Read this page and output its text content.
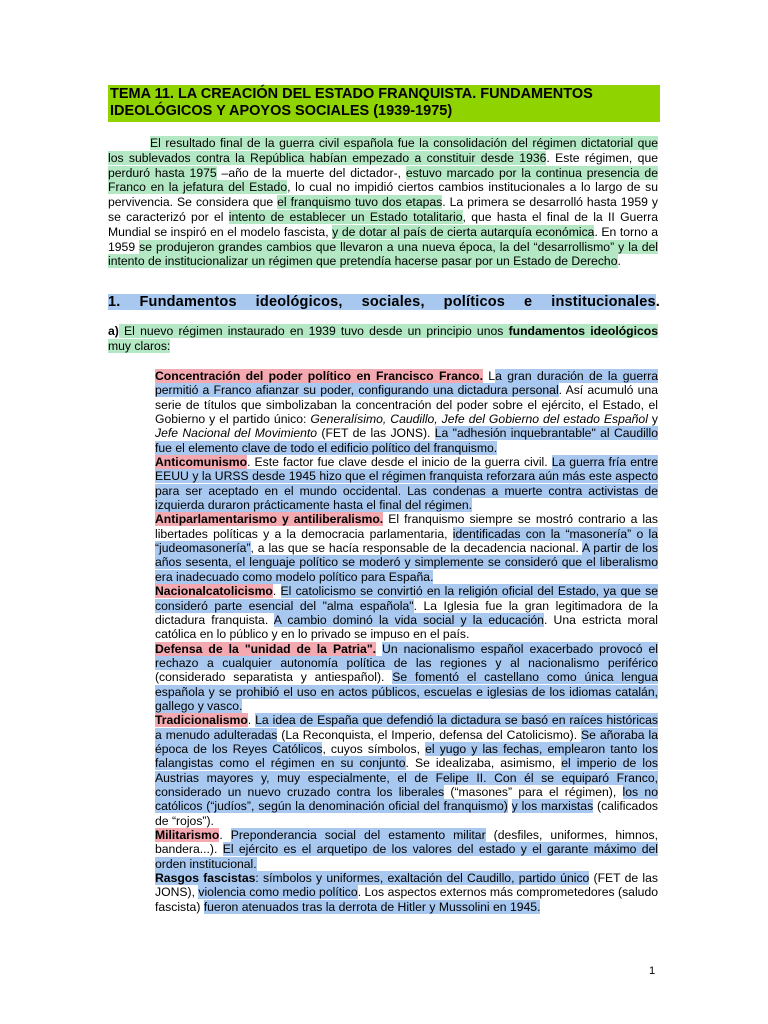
TEMA 11. LA CREACIÓN DEL ESTADO FRANQUISTA. FUNDAMENTOS IDEOLÓGICOS Y APOYOS SOCIALES (1939-1975)
El resultado final de la guerra civil española fue la consolidación del régimen dictatorial que los sublevados contra la República habían empezado a constituir desde 1936. Este régimen, que perduró hasta 1975 –año de la muerte del dictador-, estuvo marcado por la continua presencia de Franco en la jefatura del Estado, lo cual no impidió ciertos cambios institucionales a lo largo de su pervivencia. Se considera que el franquismo tuvo dos etapas. La primera se desarrolló hasta 1959 y se caracterizó por el intento de establecer un Estado totalitario, que hasta el final de la II Guerra Mundial se inspiró en el modelo fascista, y de dotar al país de cierta autarquía económica. En torno a 1959 se produjeron grandes cambios que llevaron a una nueva época, la del “desarrollismo” y la del intento de institucionalizar un régimen que pretendía hacerse pasar por un Estado de Derecho.
1. Fundamentos ideológicos, sociales, políticos e institucionales.
a) El nuevo régimen instaurado en 1939 tuvo desde un principio unos fundamentos ideológicos muy claros:

Concentración del poder político en Francisco Franco. La gran duración de la guerra permitió a Franco afianzar su poder, configurando una dictadura personal. Así acumuló una serie de títulos que simbolizaban la concentración del poder sobre el ejército, el Estado, el Gobierno y el partido único: Generalísimo, Caudillo, Jefe del Gobierno del estado Español y Jefe Nacional del Movimiento (FET de las JONS). La "adhesión inquebrantable" al Caudillo fue el elemento clave de todo el edificio político del franquismo.

Anticomunismo. Este factor fue clave desde el inicio de la guerra civil. La guerra fría entre EEUU y la URSS desde 1945 hizo que el régimen franquista reforzara aún más este aspecto para ser aceptado en el mundo occidental. Las condenas a muerte contra activistas de izquierda duraron prácticamente hasta el final del régimen.

Antiparlamentarismo y antiliberalismo. El franquismo siempre se mostró contrario a las libertades políticas y a la democracia parlamentaria, identificadas con la “masonería” o la “judeomasonería”, a las que se hacía responsable de la decadencia nacional. A partir de los años sesenta, el lenguaje político se moderó y simplemente se consideró que el liberalismo era inadecuado como modelo político para España.

Nacionalcatolicismo. El catolicismo se convirtió en la religión oficial del Estado, ya que se consideró parte esencial del "alma española". La Iglesia fue la gran legitimadora de la dictadura franquista. A cambio dominó la vida social y la educación. Una estricta moral católica en lo público y en lo privado se impuso en el país.

Defensa de la "unidad de la Patria". Un nacionalismo español exacerbado provocó el rechazo a cualquier autonomía política de las regiones y al nacionalismo periférico (considerado separatista y antiespañol). Se fomentó el castellano como única lengua española y se prohibió el uso en actos públicos, escuelas e iglesias de los idiomas catalán, gallego y vasco.

Tradicionalismo. La idea de España que defendió la dictadura se basó en raíces históricas a menudo adulteradas (La Reconquista, el Imperio, defensa del Catolicismo). Se añoraba la época de los Reyes Católicos, cuyos símbolos, el yugo y las fechas, emplearon tanto los falangistas como el régimen en su conjunto. Se idealizaba, asimismo, el imperio de los Austrias mayores y, muy especialmente, el de Felipe II. Con él se equiparó Franco, considerado un nuevo cruzado contra los liberales (“masones” para el régimen), los no católicos (“judíos”, según la denominación oficial del franquismo) y los marxistas (calificados de “rojos”).

Militarismo. Preponderancia social del estamento militar (desfiles, uniformes, himnos, bandera...). El ejército es el arquetipo de los valores del estado y el garante máximo del orden institucional.

Rasgos fascistas: símbolos y uniformes, exaltación del Caudillo, partido único (FET de las JONS), violencia como medio político. Los aspectos externos más comprometedores (saludo fascista) fueron atenuados tras la derrota de Hitler y Mussolini en 1945.

1
